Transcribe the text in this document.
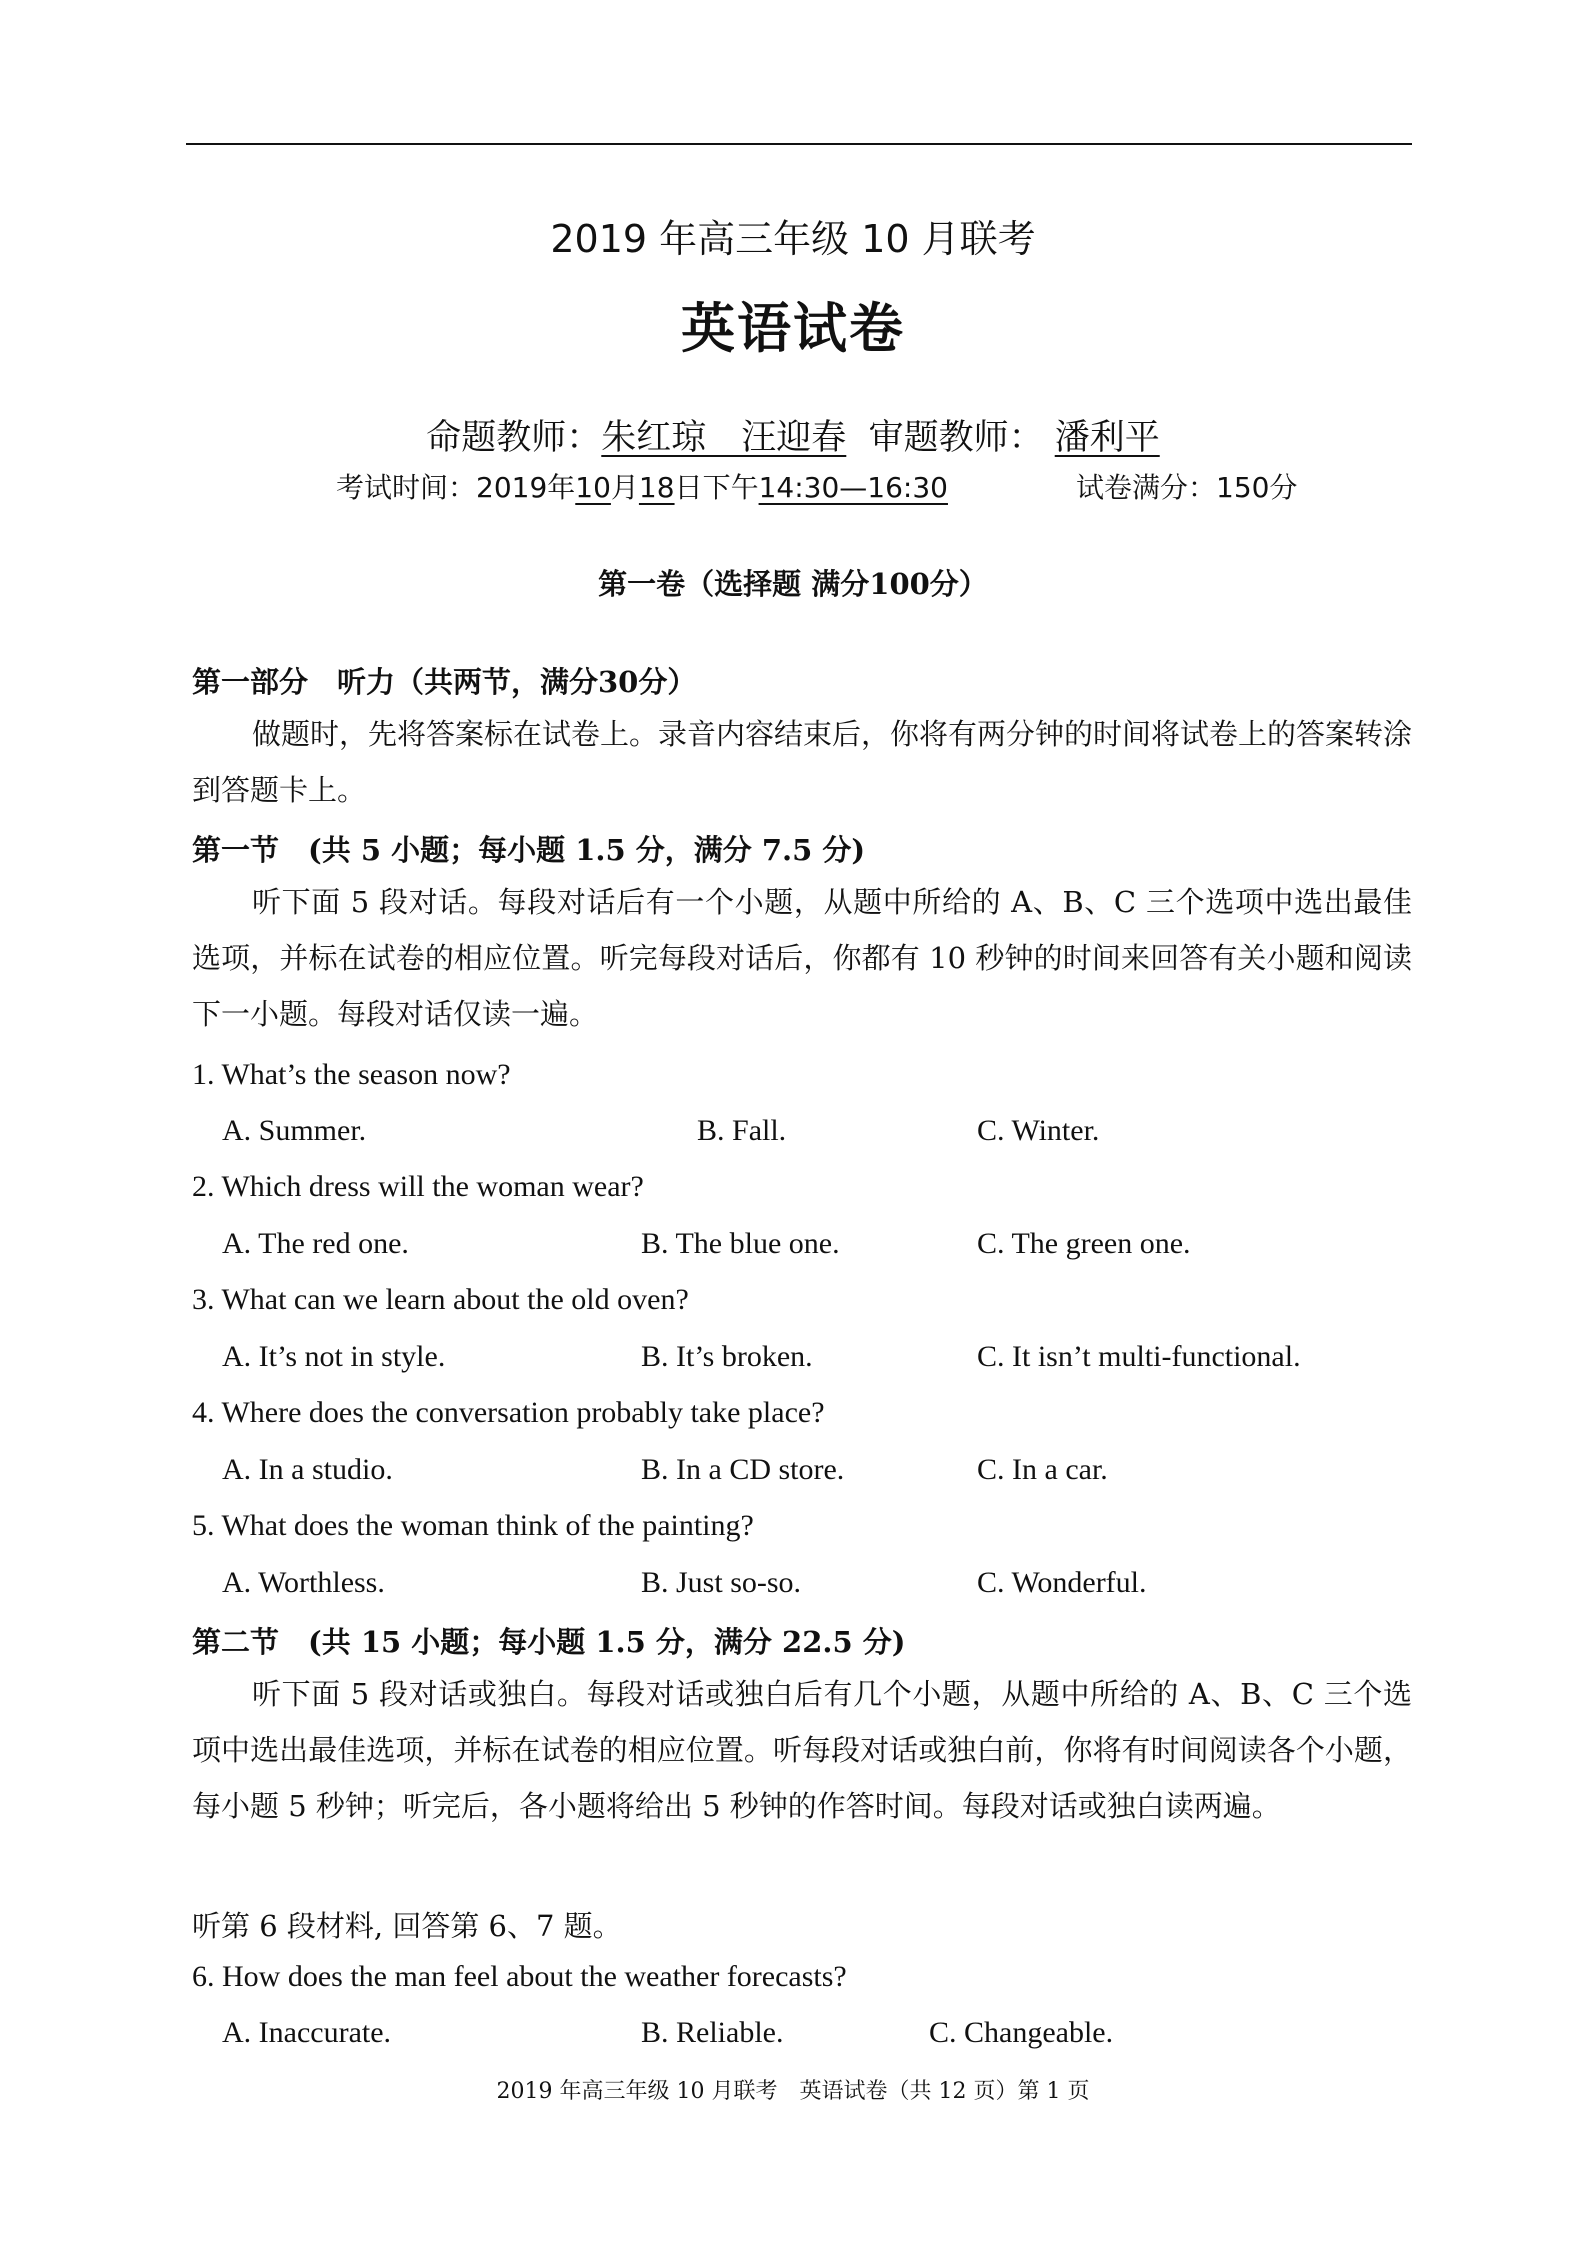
2019 年高三年级 10 月联考
英语试卷
命题教师：朱红琼　汪迎春 审题教师： 潘利平
考试时间：2019年10月18日下午14:30—16:30	试卷满分：150分
第一卷（选择题 满分100分）
第一部分　听力（共两节，满分30分）
做题时，先将答案标在试卷上。录音内容结束后，你将有两分钟的时间将试卷上的答案转涂到答题卡上。
第一节　(共 5 小题；每小题 1.5 分，满分 7.5 分)
听下面 5 段对话。每段对话后有一个小题，从题中所给的 A、B、C 三个选项中选出最佳选项，并标在试卷的相应位置。听完每段对话后，你都有 10 秒钟的时间来回答有关小题和阅读下一小题。每段对话仅读一遍。
1. What’s the season now?
A. Summer.	B. Fall.	C. Winter.
2. Which dress will the woman wear?
A. The red one.	B. The blue one.	C. The green one.
3. What can we learn about the old oven?
A. It’s not in style.	B. It’s broken.	C. It isn’t multi-functional.
4. Where does the conversation probably take place?
A. In a studio.	B. In a CD store.	C. In a car.
5. What does the woman think of the painting?
A. Worthless.	B. Just so-so.	C. Wonderful.
第二节　(共 15 小题；每小题 1.5 分，满分 22.5 分)
听下面 5 段对话或独白。每段对话或独白后有几个小题，从题中所给的 A、B、C 三个选项中选出最佳选项，并标在试卷的相应位置。听每段对话或独白前，你将有时间阅读各个小题，每小题 5 秒钟；听完后，各小题将给出 5 秒钟的作答时间。每段对话或独白读两遍。
听第 6 段材料, 回答第 6、7 题。
6. How does the man feel about the weather forecasts?
A. Inaccurate.	B. Reliable.	C. Changeable.
2019 年高三年级 10 月联考　英语试卷（共 12 页）第 1 页
